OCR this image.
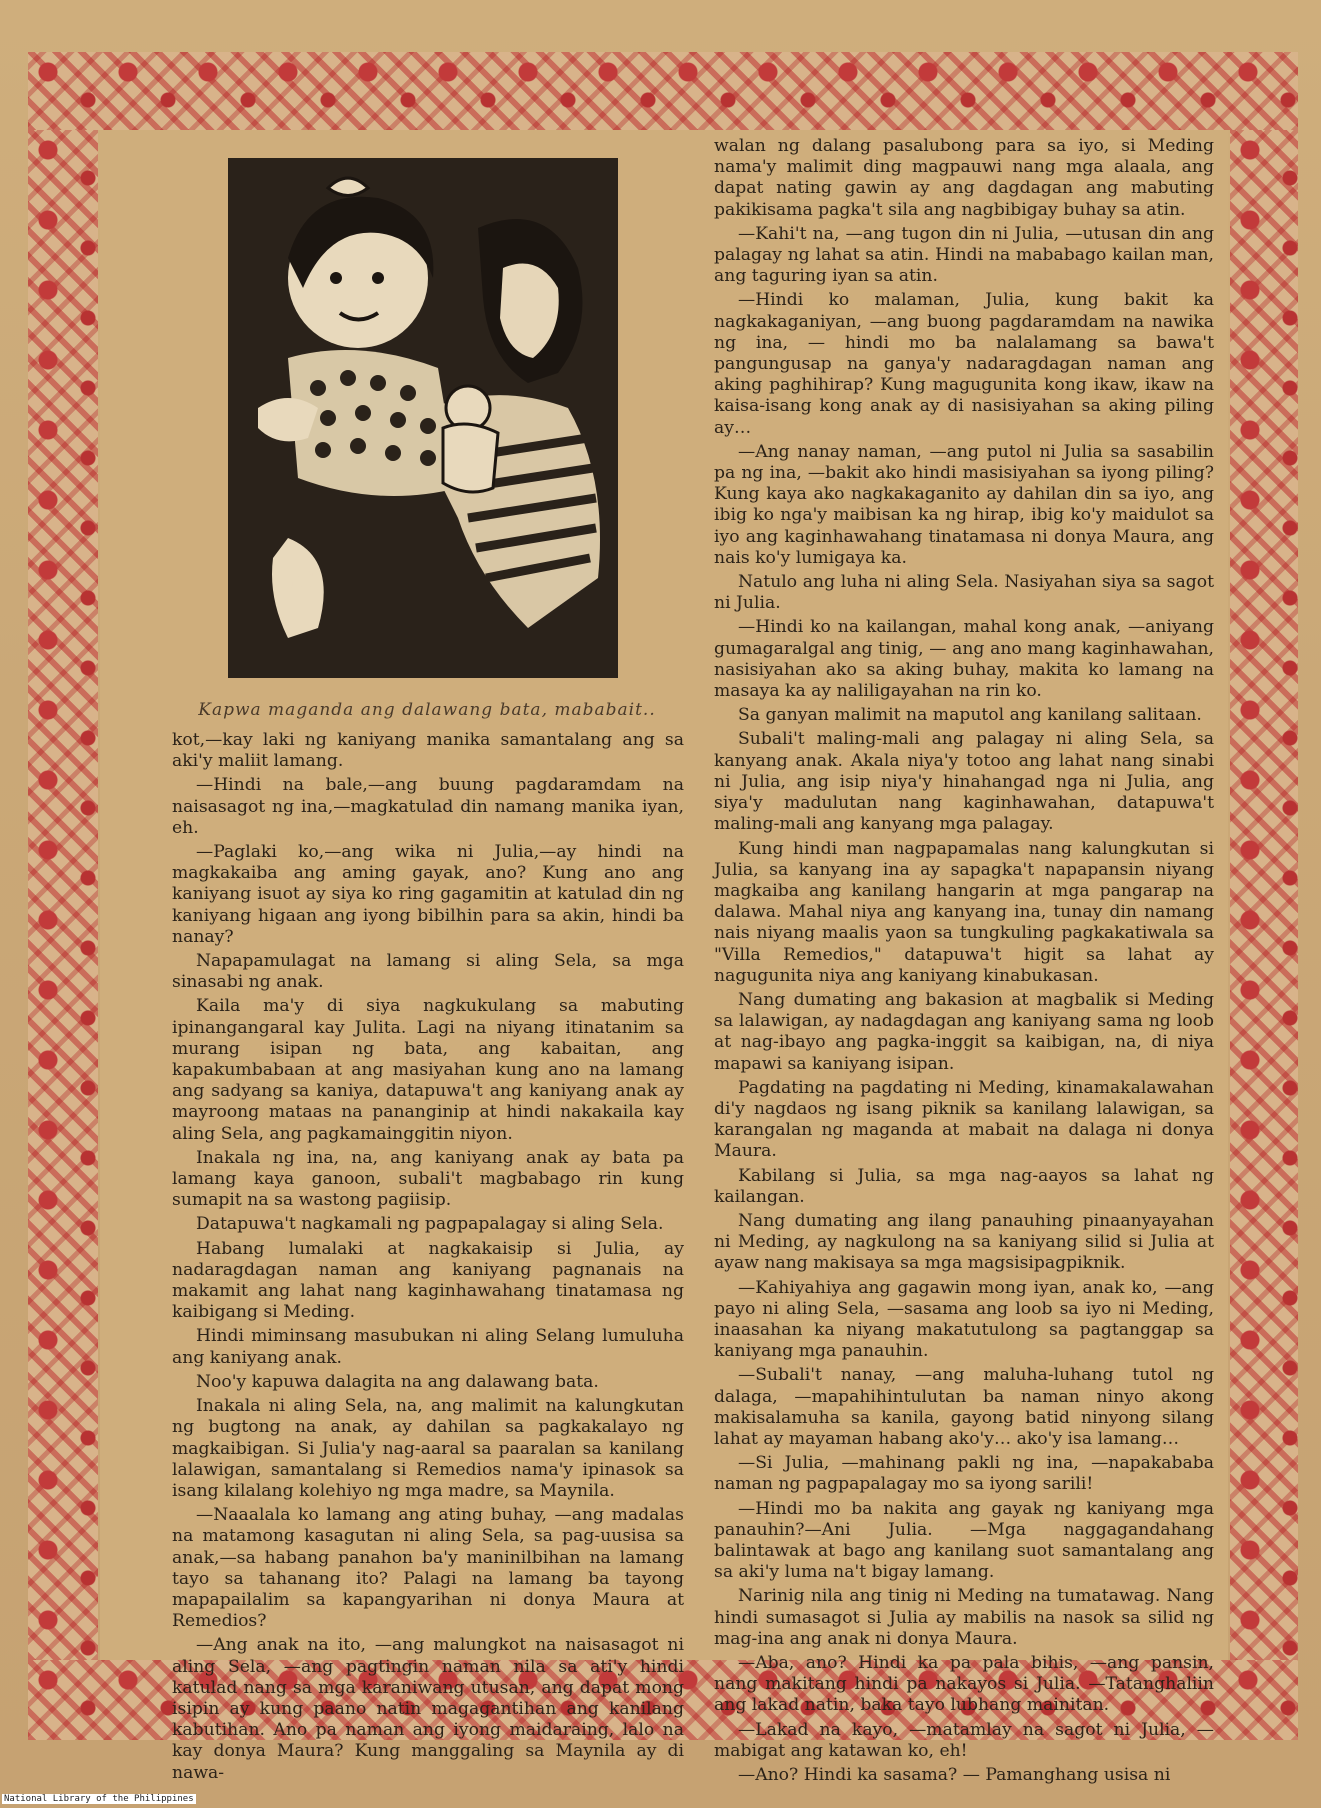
nC
Kapwa maganda ang dalawang bata, mababait..

kot,—kay laki ng kaniyang manika samantalang ang sa aki'y maliit lamang.

—Hindi na bale,—ang buung pagdaramdam na naisasagot ng ina,—magkatulad din namang manika iyan, eh.

—Paglaki ko,—ang wika ni Julia,—ay hindi na magkakaiba ang aming gayak, ano? Kung ano ang kaniyang isuot ay siya ko ring gagamitin at katulad din ng kaniyang higaan ang iyong bibilhin para sa akin, hindi ba nanay?

Napapamulagat na lamang si aling Sela, sa mga sinasabi ng anak.

Kaila ma'y di siya nagkukulang sa mabuting ipinangangaral kay Julita. Lagi na niyang itinatanim sa murang isipan ng bata, ang kabaitan, ang kapakumbabaan at ang masiyahan kung ano na lamang ang sadyang sa kaniya, datapuwa't ang kaniyang anak ay mayroong mataas na pananginip at hindi nakakaila kay aling Sela, ang pagkamainggitin niyon.

Inakala ng ina, na, ang kaniyang anak ay bata pa lamang kaya ganoon, subali't magbabago rin kung sumapit na sa wastong pagiisip.

Datapuwa't nagkamali ng pagpapalagay si aling Sela.

Habang lumalaki at nagkakaisip si Julia, ay nadaragdagan naman ang kaniyang pagnanais na makamit ang lahat nang kaginhawahang tinatamasa ng kaibigang si Meding.

Hindi miminsang masubukan ni aling Selang lumuluha ang kaniyang anak.

Noo'y kapuwa dalagita na ang dalawang bata.

Inakala ni aling Sela, na, ang malimit na kalungkutan ng bugtong na anak, ay dahilan sa pagkakalayo ng magkaibigan. Si Julia'y nag-aaral sa paaralan sa kanilang lalawigan, samantalang si Remedios nama'y ipinasok sa isang kilalang kolehiyo ng mga madre, sa Maynila.

—Naaalala ko lamang ang ating buhay, —ang madalas na matamong kasagutan ni aling Sela, sa pag-uusisa sa anak,—sa habang panahon ba'y maninilbihan na lamang tayo sa tahanang ito? Palagi na lamang ba tayong mapapailalim sa kapangyarihan ni donya Maura at Remedios?

—Ang anak na ito, —ang malungkot na naisasagot ni aling Sela, —ang pagtingin naman nila sa ati'y hindi katulad nang sa mga karaniwang utusan, ang dapat mong isipin ay kung paano natin magagantihan ang kanilang kabutihan. Ano pa naman ang iyong maidaraing, lalo na kay donya Maura? Kung manggaling sa Maynila ay di nawa-

walan ng dalang pasalubong para sa iyo, si Meding nama'y malimit ding magpauwi nang mga alaala, ang dapat nating gawin ay ang dagdagan ang mabuting pakikisama pagka't sila ang nagbibigay buhay sa atin.

—Kahi't na, —ang tugon din ni Julia, —utusan din ang palagay ng lahat sa atin. Hindi na mababago kailan man, ang taguring iyan sa atin.

—Hindi ko malaman, Julia, kung bakit ka nagkakaganiyan, —ang buong pagdaramdam na nawika ng ina, — hindi mo ba nalalamang sa bawa't pangungusap na ganya'y nadaragdagan naman ang aking paghihirap? Kung magugunita kong ikaw, ikaw na kaisa-isang kong anak ay di nasisiyahan sa aking piling ay…

—Ang nanay naman, —ang putol ni Julia sa sasabilin pa ng ina, —bakit ako hindi masisiyahan sa iyong piling? Kung kaya ako nagkakaganito ay dahilan din sa iyo, ang ibig ko nga'y maibisan ka ng hirap, ibig ko'y maidulot sa iyo ang kaginhawahang tinatamasa ni donya Maura, ang nais ko'y lumigaya ka.

Natulo ang luha ni aling Sela. Nasiyahan siya sa sagot ni Julia.

—Hindi ko na kailangan, mahal kong anak, —aniyang gumagaralgal ang tinig, — ang ano mang kaginhawahan, nasisiyahan ako sa aking buhay, makita ko lamang na masaya ka ay naliligayahan na rin ko.

Sa ganyan malimit na maputol ang kanilang salitaan.

Subali't maling-mali ang palagay ni aling Sela, sa kanyang anak. Akala niya'y totoo ang lahat nang sinabi ni Julia, ang isip niya'y hinahangad nga ni Julia, ang siya'y madulutan nang kaginhawahan, datapuwa't maling-mali ang kanyang mga palagay.

Kung hindi man nagpapamalas nang kalungkutan si Julia, sa kanyang ina ay sapagka't napapansin niyang magkaiba ang kanilang hangarin at mga pangarap na dalawa. Mahal niya ang kanyang ina, tunay din namang nais niyang maalis yaon sa tungkuling pagkakatiwala sa "Villa Remedios," datapuwa't higit sa lahat ay nagugunita niya ang kaniyang kinabukasan.

Nang dumating ang bakasion at magbalik si Meding sa lalawigan, ay nadagdagan ang kaniyang sama ng loob at nag-ibayo ang pagka-inggit sa kaibigan, na, di niya mapawi sa kaniyang isipan.

Pagdating na pagdating ni Meding, kinamakalawahan di'y nagdaos ng isang piknik sa kanilang lalawigan, sa karangalan ng maganda at mabait na dalaga ni donya Maura.

Kabilang si Julia, sa mga nag-aayos sa lahat ng kailangan.

Nang dumating ang ilang panauhing pinaanyayahan ni Meding, ay nagkulong na sa kaniyang silid si Julia at ayaw nang makisaya sa mga magsisipagpiknik.

—Kahiyahiya ang gagawin mong iyan, anak ko, —ang payo ni aling Sela, —sasama ang loob sa iyo ni Meding, inaasahan ka niyang makatutulong sa pagtanggap sa kaniyang mga panauhin.

—Subali't nanay, —ang maluha-luhang tutol ng dalaga, —mapahihintulutan ba naman ninyo akong makisalamuha sa kanila, gayong batid ninyong silang lahat ay mayaman habang ako'y… ako'y isa lamang…

—Si Julia, —mahinang pakli ng ina, —napakababa naman ng pagpapalagay mo sa iyong sarili!

—Hindi mo ba nakita ang gayak ng kaniyang mga panauhin?—Ani Julia. —Mga naggagandahang balintawak at bago ang kanilang suot samantalang ang sa aki'y luma na't bigay lamang.

Narinig nila ang tinig ni Meding na tumatawag. Nang hindi sumasagot si Julia ay mabilis na nasok sa silid ng mag-ina ang anak ni donya Maura.

—Aba, ano? Hindi ka pa pala bihis, —ang pansin, nang makitang hindi pa nakayos si Julia. —Tatanghaliin ang lakad natin, baka tayo lubhang mainitan.

—Lakad na kayo, —matamlay na sagot ni Julia, —mabigat ang katawan ko, eh!

—Ano? Hindi ka sasama? — Pamanghang usisa ni

National Library of the Philippines
